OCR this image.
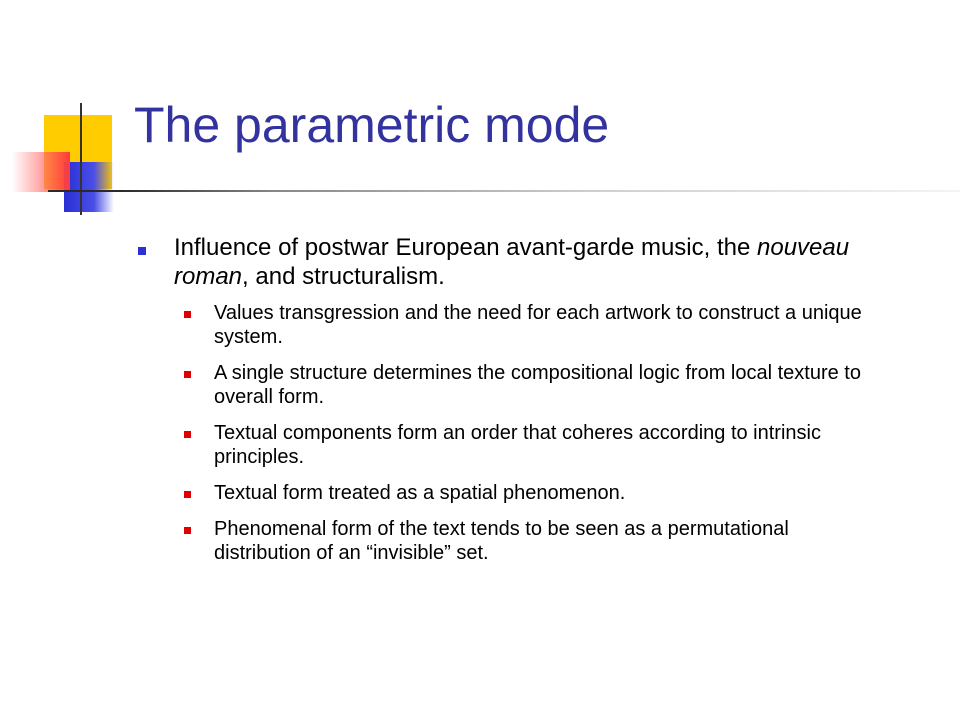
The parametric mode
Influence of postwar European avant-garde music, the nouveau roman, and structuralism.
Values transgression and the need for each artwork to construct a unique system.
A single structure determines the compositional logic from local texture to overall form.
Textual components form an order that coheres according to intrinsic principles.
Textual form treated as a spatial phenomenon.
Phenomenal form of the text tends to be seen as a permutational distribution of an “invisible” set.
